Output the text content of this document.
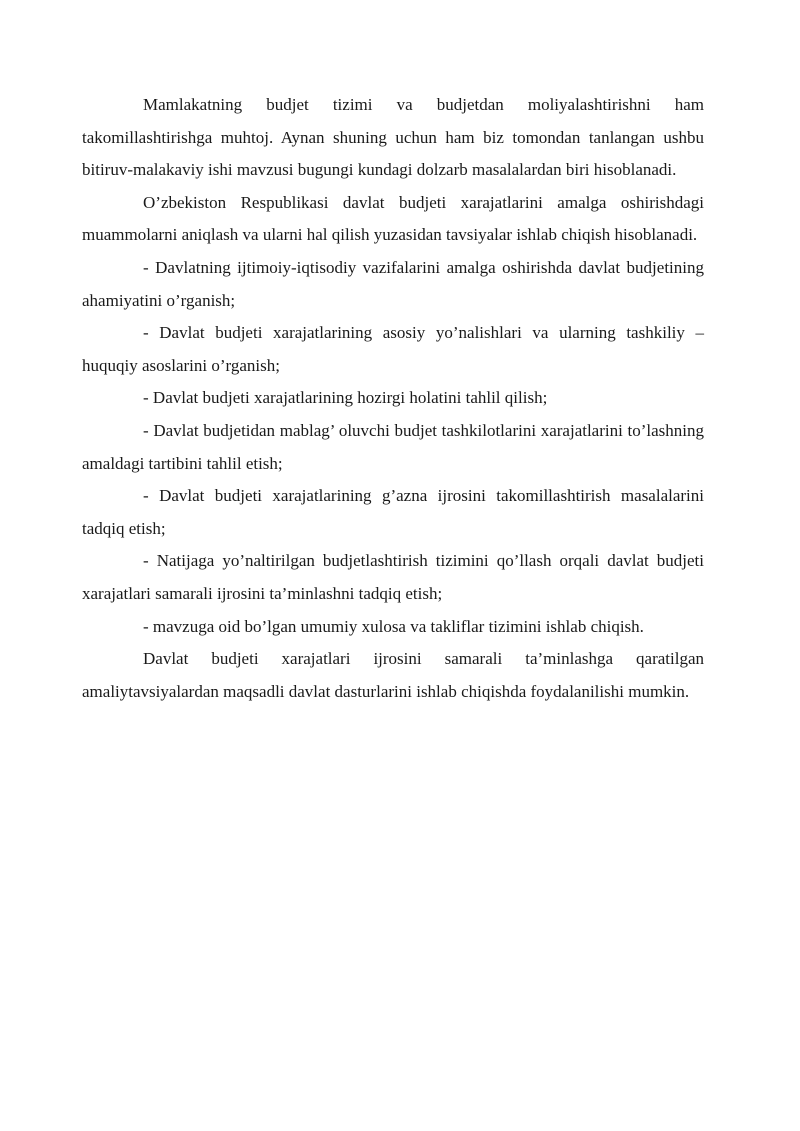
Mamlakatning budjet tizimi va budjetdan moliyalashtirishni ham takomillashtirishga muhtoj. Aynan shuning uchun ham biz tomondan tanlangan ushbu bitiruv-malakaviy ishi mavzusi bugungi kundagi dolzarb masalalardan biri hisoblanadi.

O’zbekiston Respublikasi davlat budjeti xarajatlarini amalga oshirishdagi muammolarni aniqlash va ularni hal qilish yuzasidan tavsiyalar ishlab chiqish hisoblanadi.

- Davlatning ijtimoiy-iqtisodiy vazifalarini amalga oshirishda davlat budjetining ahamiyatini o’rganish;

- Davlat budjeti xarajatlarining asosiy yo’nalishlari va ularning tashkiliy – huquqiy asoslarini o’rganish;

- Davlat budjeti xarajatlarining hozirgi holatini tahlil qilish;

- Davlat budjetidan mablag’ oluvchi budjet tashkilotlarini xarajatlarini to’lashning amaldagi tartibini tahlil etish;

- Davlat budjeti xarajatlarining g’azna ijrosini takomillashtirish masalalarini tadqiq etish;

- Natijaga yo’naltirilgan budjetlashtirish tizimini qo’llash orqali davlat budjeti xarajatlari samarali ijrosini ta’minlashni tadqiq etish;

- mavzuga oid bo’lgan umumiy xulosa va takliflar tizimini ishlab chiqish.

Davlat budjeti xarajatlari ijrosini samarali ta’minlashga qaratilgan amaliytavsiyalardan maqsadli davlat dasturlarini ishlab chiqishda foydalanilishi mumkin.
